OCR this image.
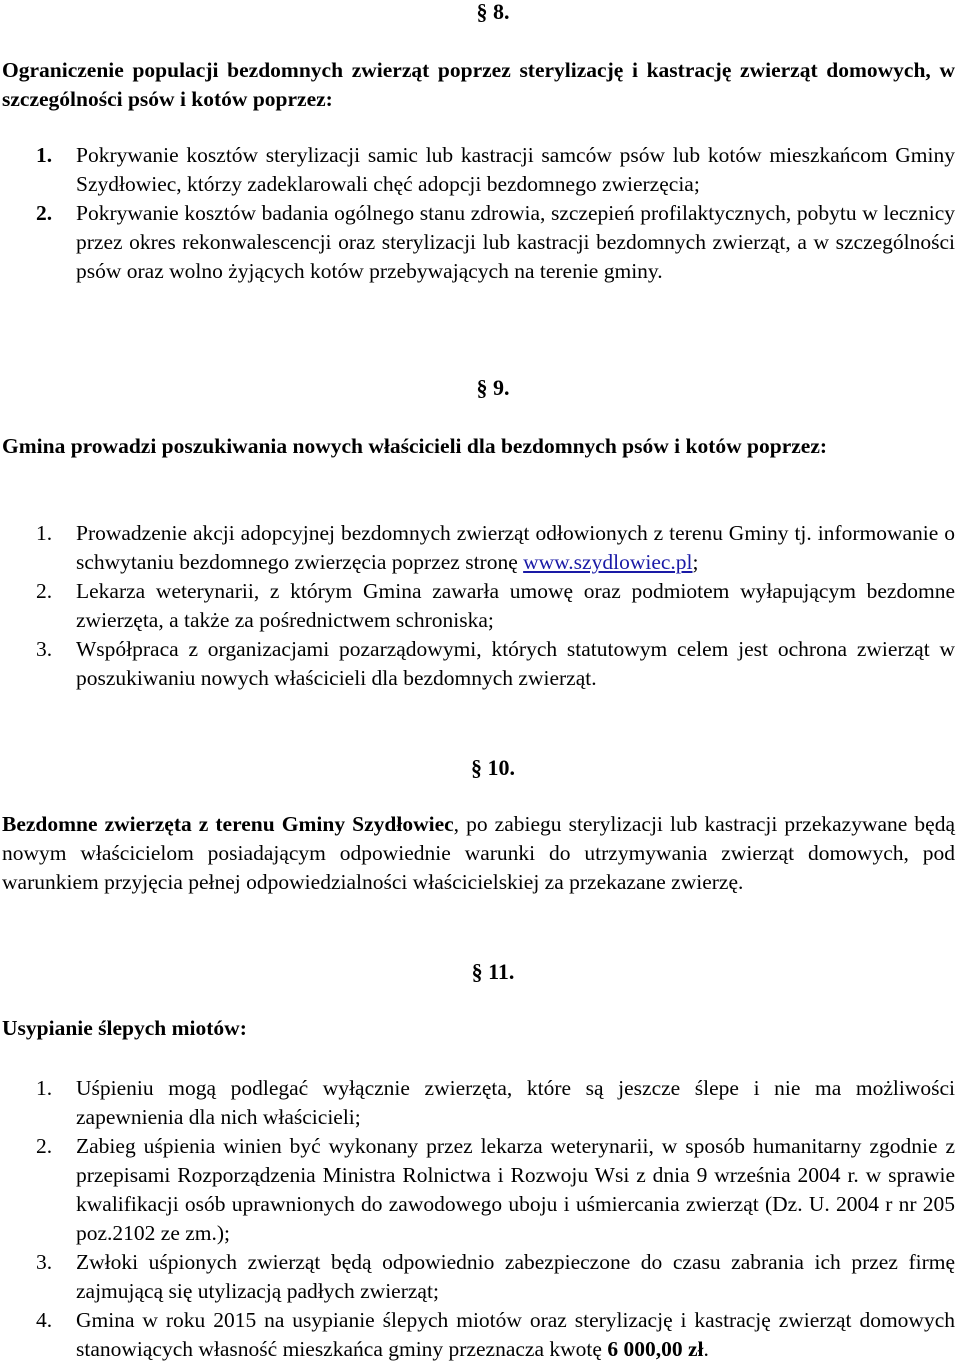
§ 8.
Ograniczenie populacji bezdomnych zwierząt poprzez sterylizację i kastrację zwierząt domowych, w szczególności psów i kotów poprzez:
1. Pokrywanie kosztów sterylizacji samic lub kastracji samców psów lub kotów mieszkańcom Gminy Szydłowiec, którzy zadeklarowali chęć adopcji bezdomnego zwierzęcia;
2. Pokrywanie kosztów badania ogólnego stanu zdrowia, szczepień profilaktycznych, pobytu w lecznicy przez okres rekonwalescencji oraz sterylizacji lub kastracji bezdomnych zwierząt, a w szczególności psów oraz wolno żyjących kotów przebywających na terenie gminy.
§ 9.
Gmina prowadzi poszukiwania nowych właścicieli dla bezdomnych psów i kotów poprzez:
1. Prowadzenie akcji adopcyjnej bezdomnych zwierząt odłowionych z terenu Gminy tj. informowanie o schwytaniu bezdomnego zwierzęcia poprzez stronę www.szydlowiec.pl;
2. Lekarza weterynarii, z którym Gmina zawarła umowę oraz podmiotem wyłapującym bezdomne zwierzęta, a także za pośrednictwem schroniska;
3. Współpraca z organizacjami pozarządowymi, których statutowym celem jest ochrona zwierząt w poszukiwaniu nowych właścicieli dla bezdomnych zwierząt.
§ 10.
Bezdomne zwierzęta z terenu Gminy Szydłowiec, po zabiegu sterylizacji lub kastracji przekazywane będą nowym właścicielom posiadającym odpowiednie warunki do utrzymywania zwierząt domowych, pod warunkiem przyjęcia pełnej odpowiedzialności właścicielskiej za przekazane zwierzę.
§ 11.
Usypianie ślepych miotów:
1. Uśpieniu mogą podlegać wyłącznie zwierzęta, które są jeszcze ślepe i nie ma możliwości zapewnienia dla nich właścicieli;
2. Zabieg uśpienia winien być wykonany przez lekarza weterynarii, w sposób humanitarny zgodnie z przepisami Rozporządzenia Ministra Rolnictwa i Rozwoju Wsi z dnia 9 września 2004 r. w sprawie kwalifikacji osób uprawnionych do zawodowego uboju i uśmiercania zwierząt (Dz. U. 2004 r nr 205 poz.2102 ze zm.);
3. Zwłoki uśpionych zwierząt będą odpowiednio zabezpieczone do czasu zabrania ich przez firmę zajmującą się utylizacją padłych zwierząt;
4. Gmina w roku 2015 na usypianie ślepych miotów oraz sterylizację i kastrację zwierząt domowych stanowiących własność mieszkańca gminy przeznacza kwotę 6 000,00 zł.
